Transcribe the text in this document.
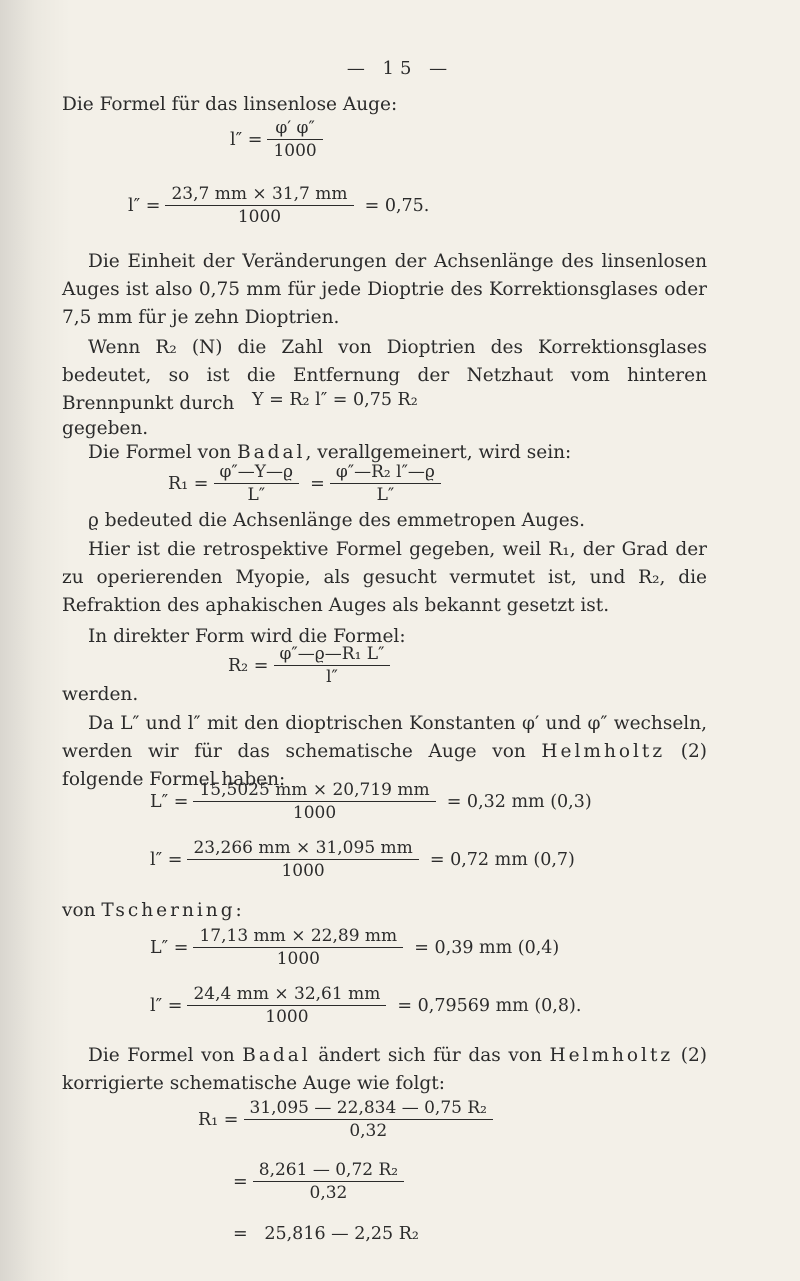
— 15 —
Die Formel für das linsenlose Auge:
$l'' = \frac{\varphi' \varphi''}{1000}$
$l'' = \frac{23,7 mm \times 31,7 mm}{1000} = 0,75$.

Die Einheit der Veränderungen der Achsenlänge des linsenlosen Auges ist also 0,75 mm für jede Dioptrie des Korrektionsglases oder 7,5 mm für je zehn Dioptrien.

Wenn R₂ (N) die Zahl von Dioptrien des Korrektionsglases bedeutet, so ist die Entfernung der Netzhaut vom hinteren Brennpunkt durch	Y = R₂ l″ = 0,75 R₂
gegeben.
Die Formel von Badal, verallgemeinert, wird sein:
$R_1 = \frac{\varphi''—Y—ϱ}{L''} = \frac{\text{φ″—R₂ l″—ϱ}}{L''}$
ϱ bedeuted die Achsenlänge des emmetropen Auges.

Hier ist die retrospektive Formel gegeben, weil R₁, der Grad der zu operierenden Myopie, als gesucht vermutet ist, und R₂, die Refraktion des aphakischen Auges als bekannt gesetzt ist.

In direkter Form wird die Formel:
$R_2 = \frac{\text{φ″—ϱ—R₁ L″}}{l''}$
werden.

Da L″ und l″ mit den dioptrischen Konstanten φ′ und φ″ wechseln, werden wir für das schematische Auge von Helmholtz (2) folgende Formel haben:

$L'' = \frac{15,5025 mm \times 20,719 mm}{1000} = 0,32$ mm (0,3)
$l'' = \frac{23,266 mm \times 31,095 mm}{1000} = 0,72$ mm (0,7)
von Tscherning:
$L'' = \frac{17,13 mm \times 22,89 mm}{1000} = 0,39$ mm (0,4)
$l'' = \frac{24,4 mm \times 32,61 mm}{1000} = 0,79569$ mm (0,8).

Die Formel von Badal ändert sich für das von Helmholtz (2) korrigierte schematische Auge wie folgt:

$R_1 = \frac{\text{31,095 — 22,834 — 0,75 R₂}}{0,32}$
= $\frac{\text{8,261 — 0,72 R₂}}{0,32}$
=   25,816 — 2,25 R₂
